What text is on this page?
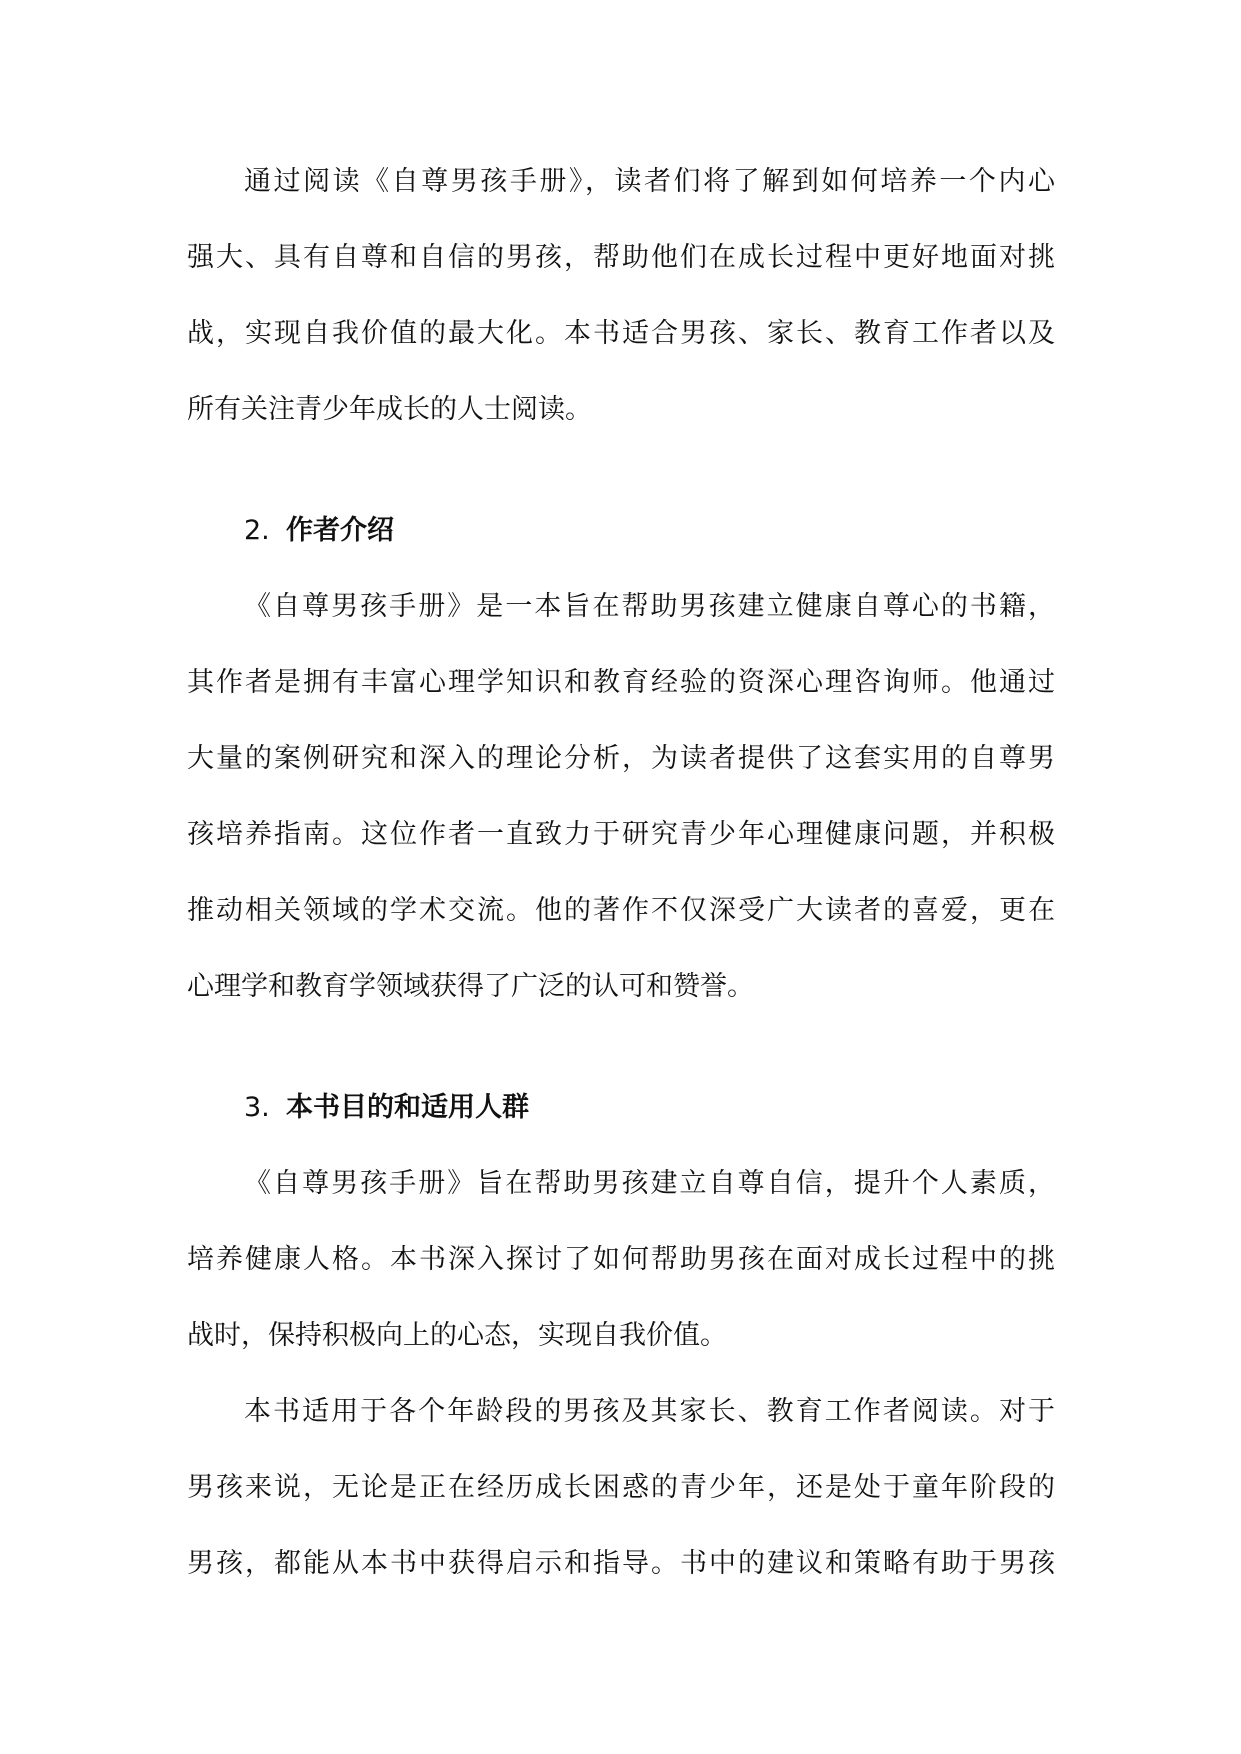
通过阅读《自尊男孩手册》，读者们将了解到如何培养一个内心
强大、具有自尊和自信的男孩，帮助他们在成长过程中更好地面对挑
战，实现自我价值的最大化。本书适合男孩、家长、教育工作者以及
所有关注青少年成长的人士阅读。
2. 作者介绍
《自尊男孩手册》是一本旨在帮助男孩建立健康自尊心的书籍，
其作者是拥有丰富心理学知识和教育经验的资深心理咨询师。他通过
大量的案例研究和深入的理论分析，为读者提供了这套实用的自尊男
孩培养指南。这位作者一直致力于研究青少年心理健康问题，并积极
推动相关领域的学术交流。他的著作不仅深受广大读者的喜爱，更在
心理学和教育学领域获得了广泛的认可和赞誉。
3. 本书目的和适用人群
《自尊男孩手册》旨在帮助男孩建立自尊自信，提升个人素质，
培养健康人格。本书深入探讨了如何帮助男孩在面对成长过程中的挑
战时，保持积极向上的心态，实现自我价值。
本书适用于各个年龄段的男孩及其家长、教育工作者阅读。对于
男孩来说，无论是正在经历成长困惑的青少年，还是处于童年阶段的
男孩，都能从本书中获得启示和指导。书中的建议和策略有助于男孩
